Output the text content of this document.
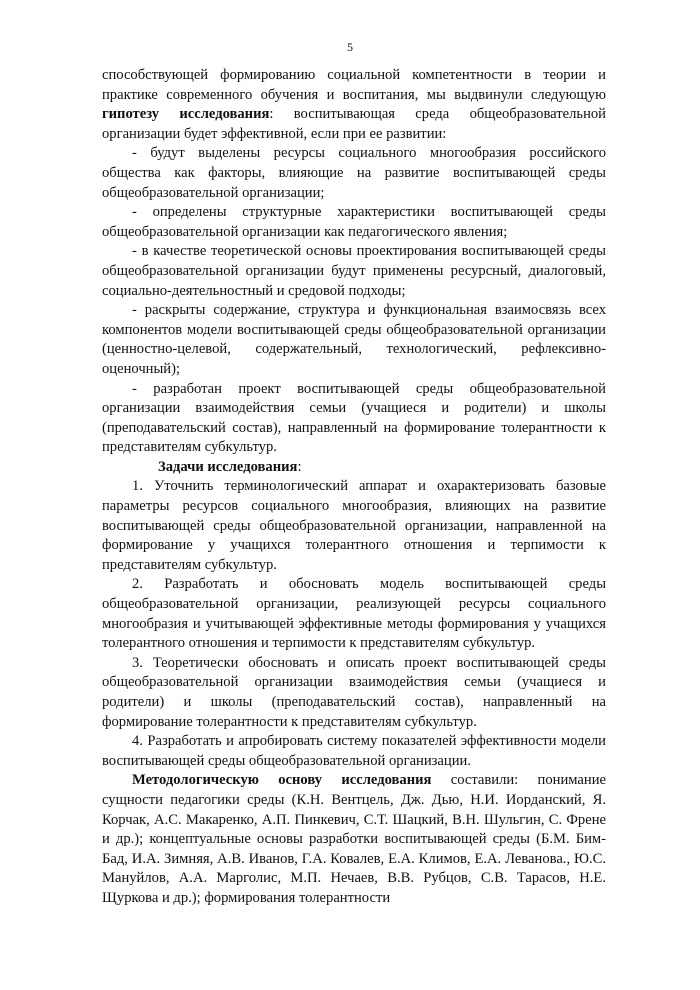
5

способствующей формированию социальной компетентности в теории и практике современного обучения и воспитания, мы выдвинули следующую гипотезу исследования: воспитывающая среда общеобразовательной организации будет эффективной, если при ее развитии:

- будут выделены ресурсы социального многообразия российского общества как факторы, влияющие на развитие воспитывающей среды общеобразовательной организации;

- определены структурные характеристики воспитывающей среды общеобразовательной организации как педагогического явления;

- в качестве теоретической основы проектирования воспитывающей среды общеобразовательной организации будут применены ресурсный, диалоговый, социально-деятельностный и средовой подходы;

- раскрыты содержание, структура и функциональная взаимосвязь всех компонентов модели воспитывающей среды общеобразовательной организации (ценностно-целевой, содержательный, технологический, рефлексивно-оценочный);

- разработан проект воспитывающей среды общеобразовательной организации взаимодействия семьи (учащиеся и родители) и школы (преподавательский состав), направленный на формирование толерантности к представителям субкультур.

Задачи исследования:

1. Уточнить терминологический аппарат и охарактеризовать базовые параметры ресурсов социального многообразия, влияющих на развитие воспитывающей среды общеобразовательной организации, направленной на формирование у учащихся толерантного отношения и терпимости к представителям субкультур.

2. Разработать и обосновать модель воспитывающей среды общеобразовательной организации, реализующей ресурсы социального многообразия и учитывающей эффективные методы формирования у учащихся толерантного отношения и терпимости к представителям субкультур.

3. Теоретически обосновать и описать проект воспитывающей среды общеобразовательной организации взаимодействия семьи (учащиеся и родители) и школы (преподавательский состав), направленный на формирование толерантности к представителям субкультур.

4. Разработать и апробировать систему показателей эффективности модели воспитывающей среды общеобразовательной организации.

Методологическую основу исследования составили: понимание сущности педагогики среды (К.Н. Вентцель, Дж. Дью, Н.И. Иорданский, Я. Корчак, А.С. Макаренко, А.П. Пинкевич, С.Т. Шацкий, В.Н. Шульгин, С. Френе и др.); концептуальные основы разработки воспитывающей среды (Б.М. Бим-Бад, И.А. Зимняя, А.В. Иванов, Г.А. Ковалев, Е.А. Климов, Е.А. Леванова., Ю.С. Мануйлов, А.А. Марголис, М.П. Нечаев, В.В. Рубцов, С.В. Тарасов, Н.Е. Щуркова и др.); формирования толерантности
